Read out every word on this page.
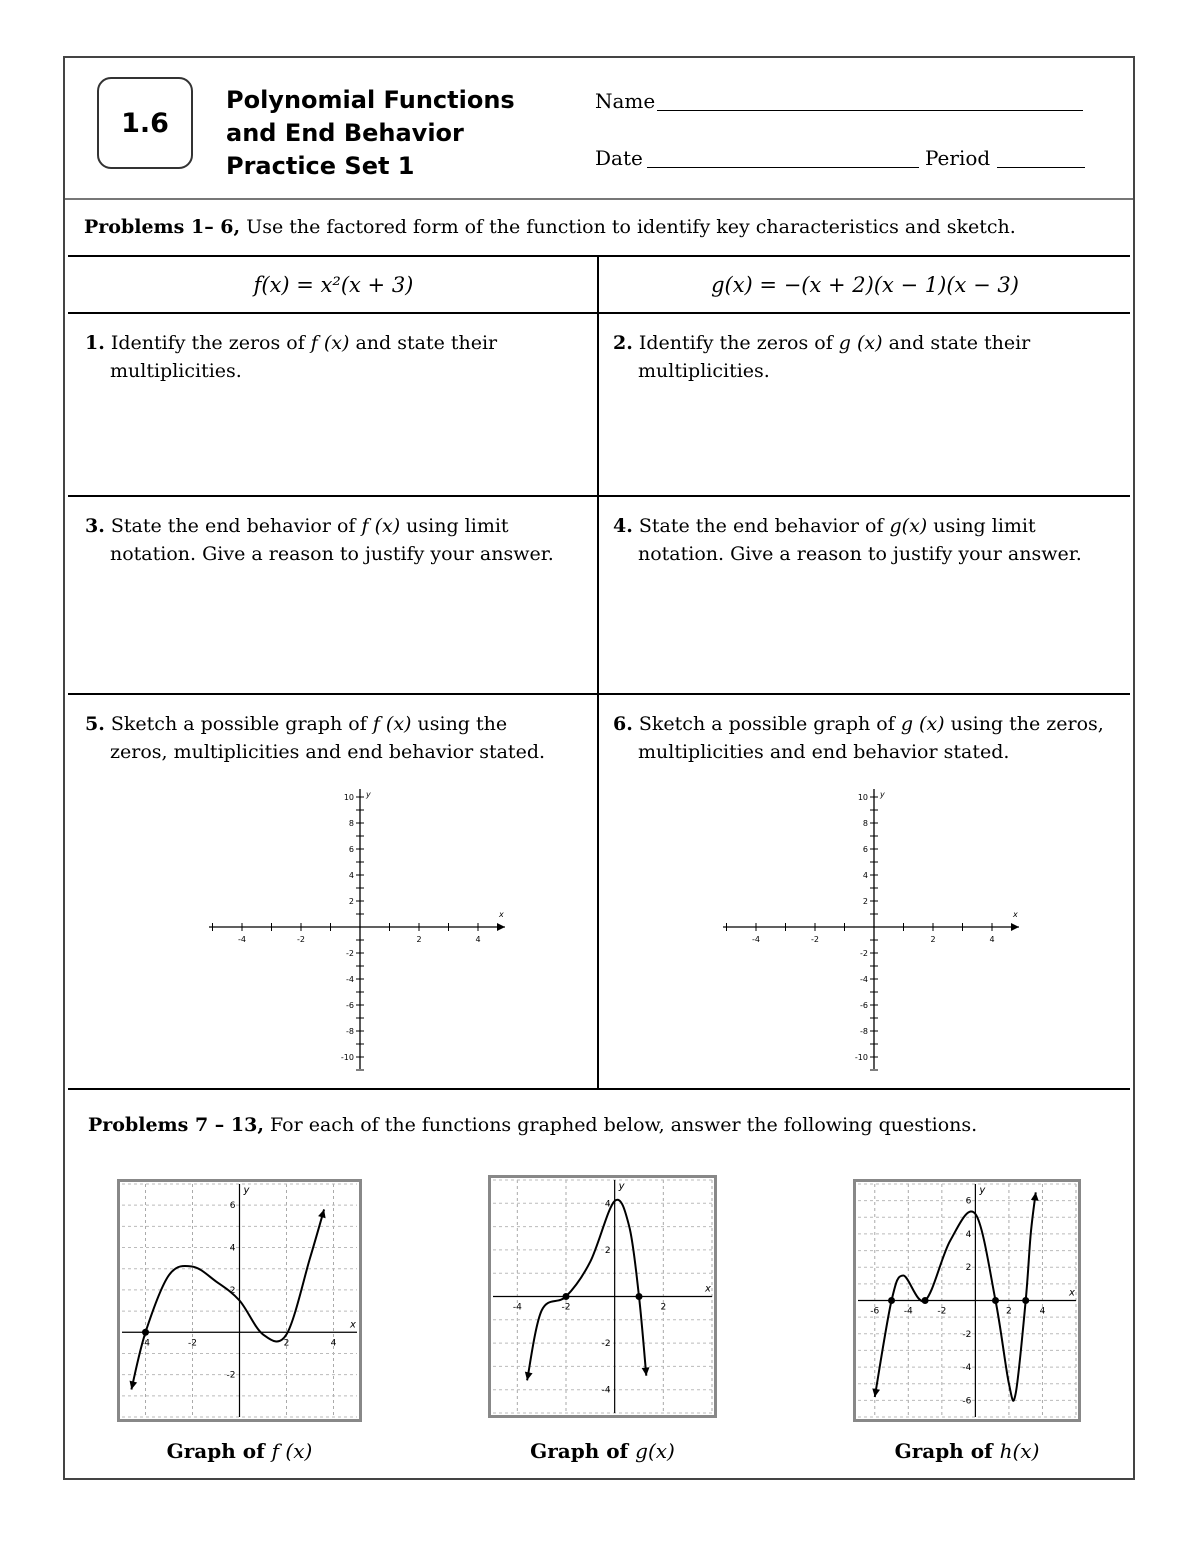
1.6
Polynomial Functions
and End Behavior
Practice Set 1
Name
Date	Period
Problems 1– 6, Use the factored form of the function to identify key characteristics and sketch.
f(x) = x²(x + 3)	g(x) = −(x + 2)(x − 1)(x − 3)
1. Identify the zeros of f (x) and state their
multiplicities.
2. Identify the zeros of g (x) and state their
multiplicities.
3. State the end behavior of f (x) using limit
notation. Give a reason to justify your answer.
4. State the end behavior of g(x) using limit
notation. Give a reason to justify your answer.
5. Sketch a possible graph of f (x) using the
zeros, multiplicities and end behavior stated.
6. Sketch a possible graph of g (x) using the zeros,
multiplicities and end behavior stated.
-4	-2	2	4
10
8
6
4
2
-2
-4
-6
-8
-10
x
y
-4	-2	2	4
10
8
6
4
2
-2
-4
-6
-8
-10
x
y
Problems 7 – 13, For each of the functions graphed below, answer the following questions.
-4	-2	2	4
6
4
2
-2
x
y
-4	-2	2
4
2
-2
-4
x
y
-6	-4	-2	2	4
6
4
2
-2
-4
-6
x
y
Graph of f (x)	Graph of g(x)	Graph of h(x)
